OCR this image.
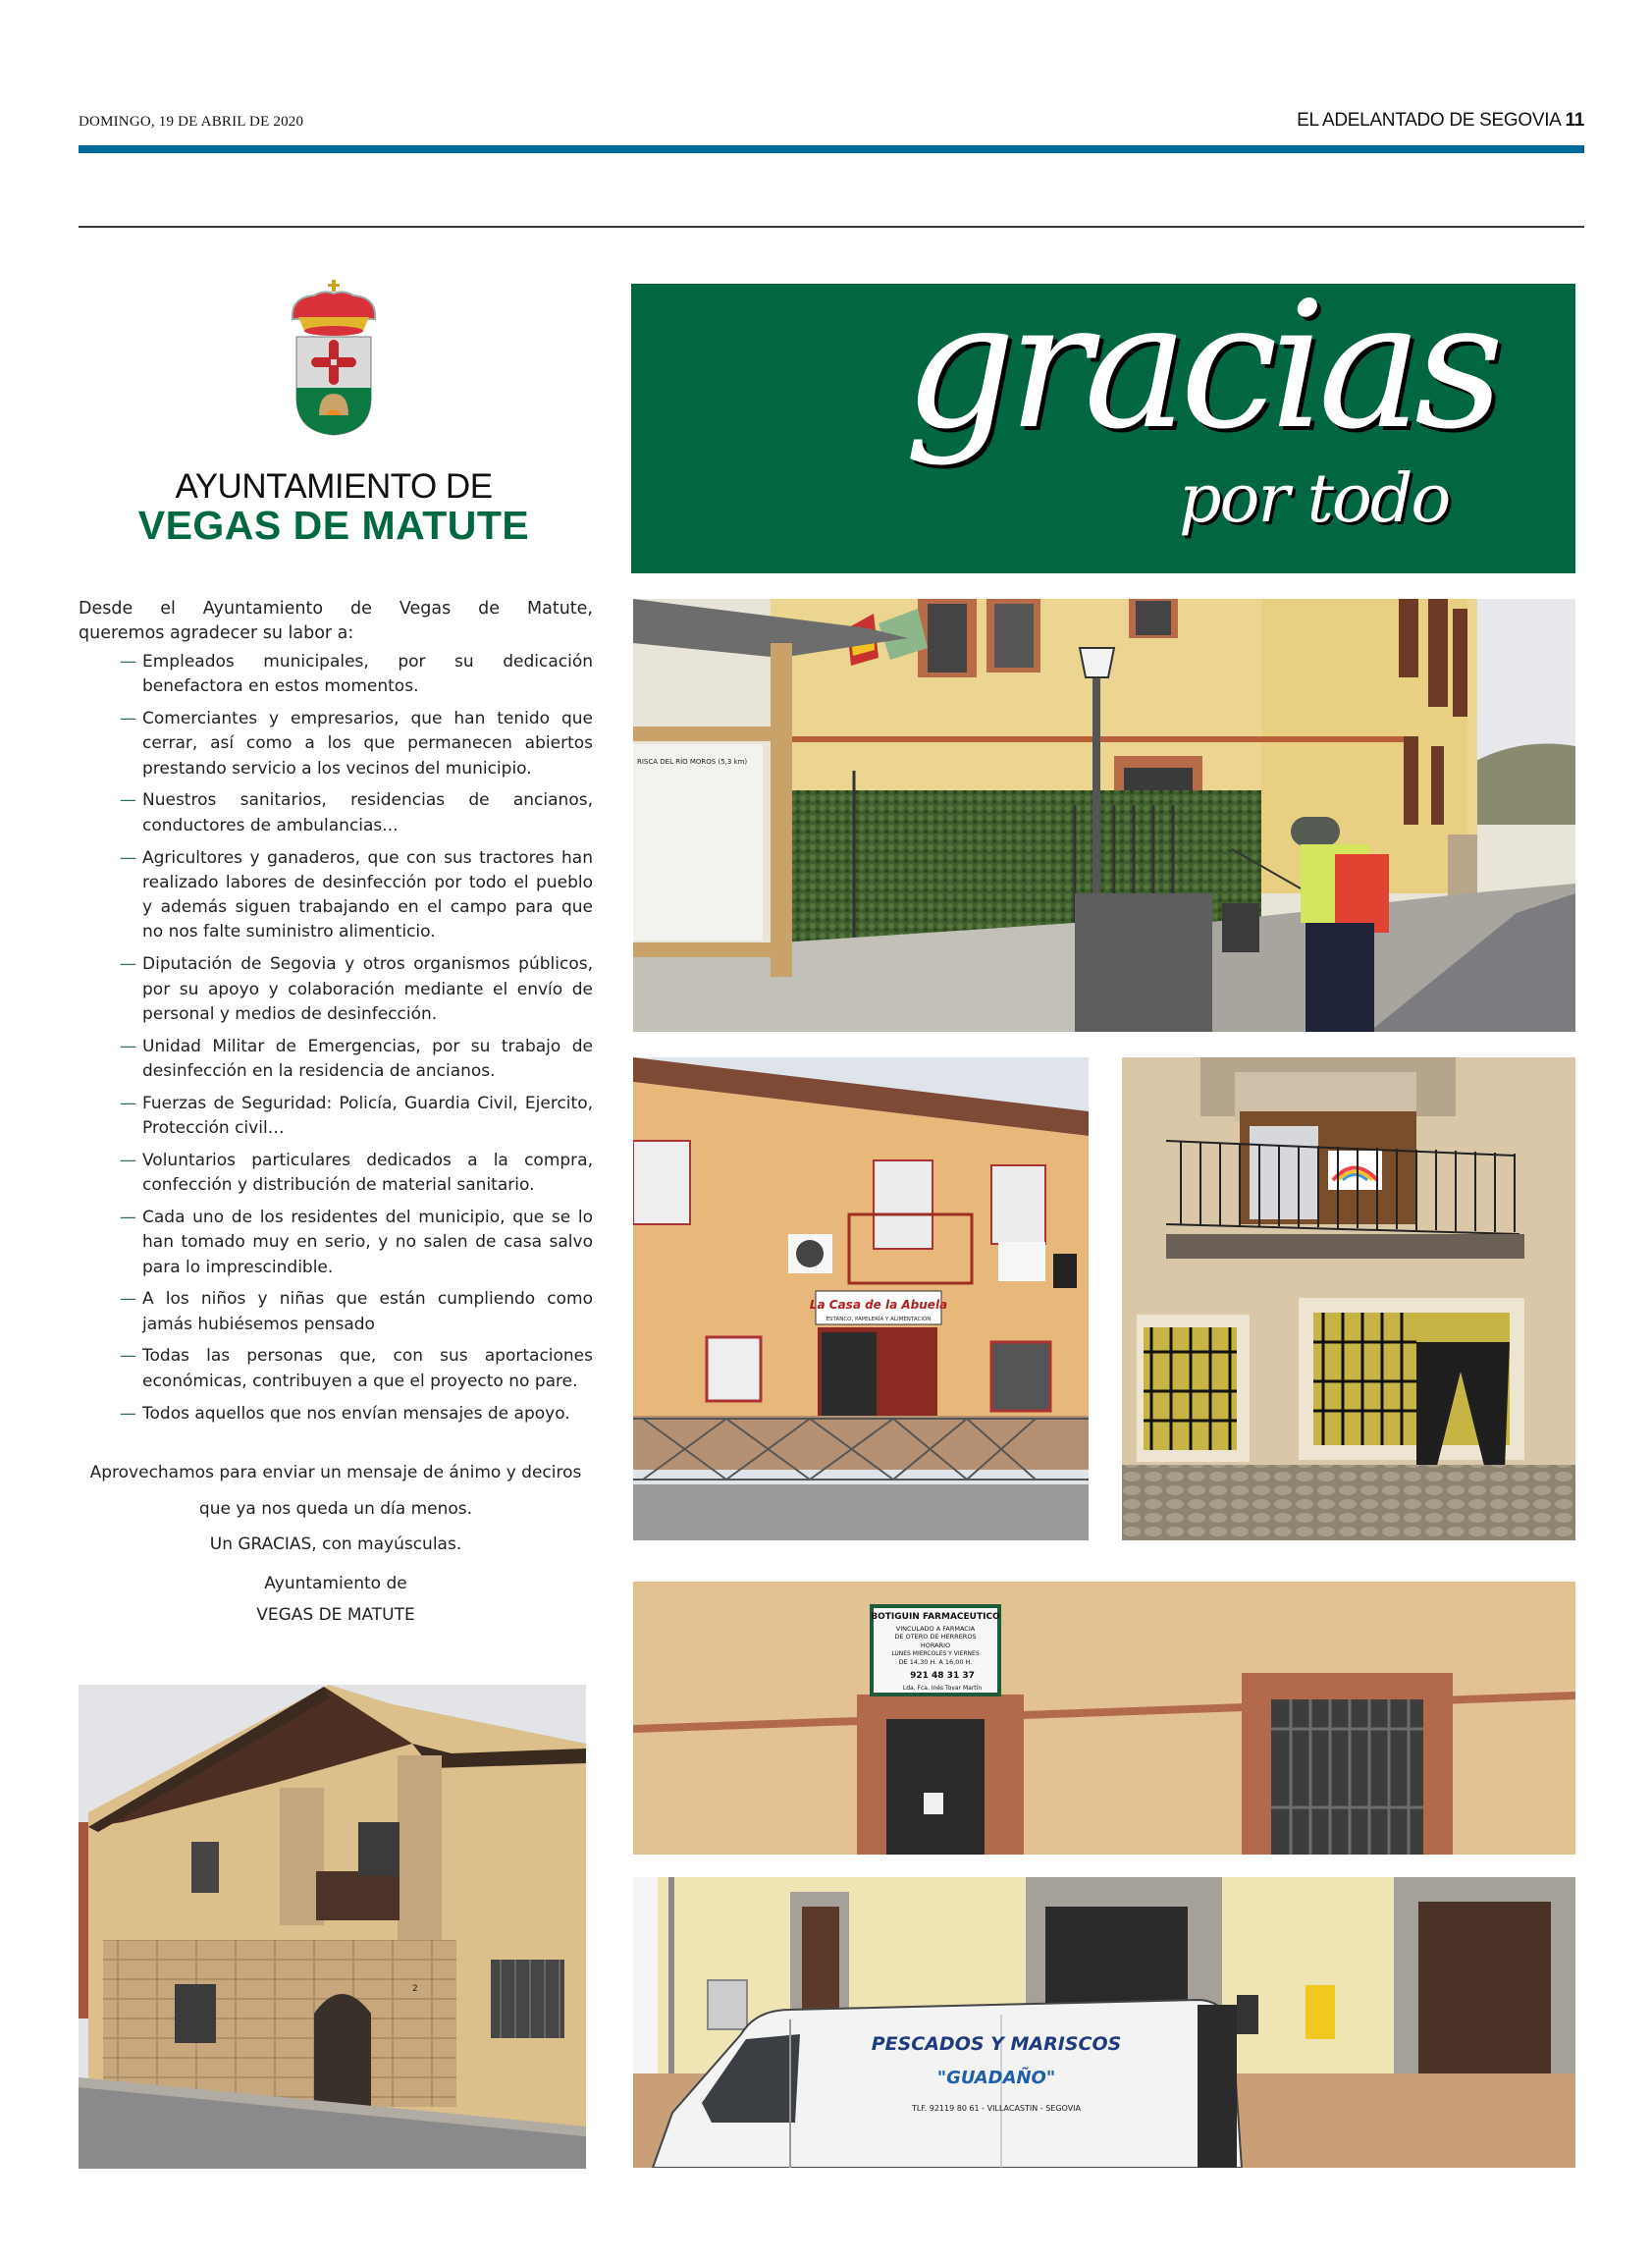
DOMINGO, 19 DE ABRIL DE 2020	EL ADELANTADO DE SEGOVIA 11
AYUNTAMIENTO DE
VEGAS DE MATUTE
Desde el Ayuntamiento de Vegas de Matute,
queremos agradecer su labor a:
— Empleados municipales, por su dedicación benefactora en estos momentos.
— Comerciantes y empresarios, que han tenido que cerrar, así como a los que permanecen abiertos prestando servicio a los vecinos del municipio.
— Nuestros sanitarios, residencias de ancianos, conductores de ambulancias...
— Agricultores y ganaderos, que con sus tractores han realizado labores de desinfección por todo el pueblo y además siguen trabajando en el campo para que no nos falte suministro alimenticio.
— Diputación de Segovia y otros organismos públicos, por su apoyo y colaboración mediante el envío de personal y medios de desinfección.
— Unidad Militar de Emergencias, por su trabajo de desinfección en la residencia de ancianos.
— Fuerzas de Seguridad: Policía, Guardia Civil, Ejercito, Protección civil…
— Voluntarios particulares dedicados a la compra, confección y distribución de material sanitario.
— Cada uno de los residentes del municipio, que se lo han tomado muy en serio, y no salen de casa salvo para lo imprescindible.
— A los niños y niñas que están cumpliendo como jamás hubiésemos pensado
— Todas las personas que, con sus aportaciones económicas, contribuyen a que el proyecto no pare.
— Todos aquellos que nos envían mensajes de apoyo.

Aprovechamos para enviar un mensaje de ánimo y deciros

que ya nos queda un día menos.

Un GRACIAS, con mayúsculas.

Ayuntamiento de

VEGAS DE MATUTE

gracias
por todo
RISCA DEL RÍO MOROS (5,3 km)
La Casa de la Abuela
ESTANCO, PAPELERÍA Y ALIMENTACIÓN
BOTIGUIN FARMACEUTICO
VINCULADO A FARMACIA
DE OTERO DE HERREROS
HORARIO
LUNES MIERCOLES Y VIERNES
DE 14,30 H. A 16,00 H.
921 48 31 37
Lda. Fca. Inés Tovar Martín
PESCADOS Y MARISCOS
"GUADAÑO"
TLF. 92119 80 61 - VILLACASTIN - SEGOVIA
2
